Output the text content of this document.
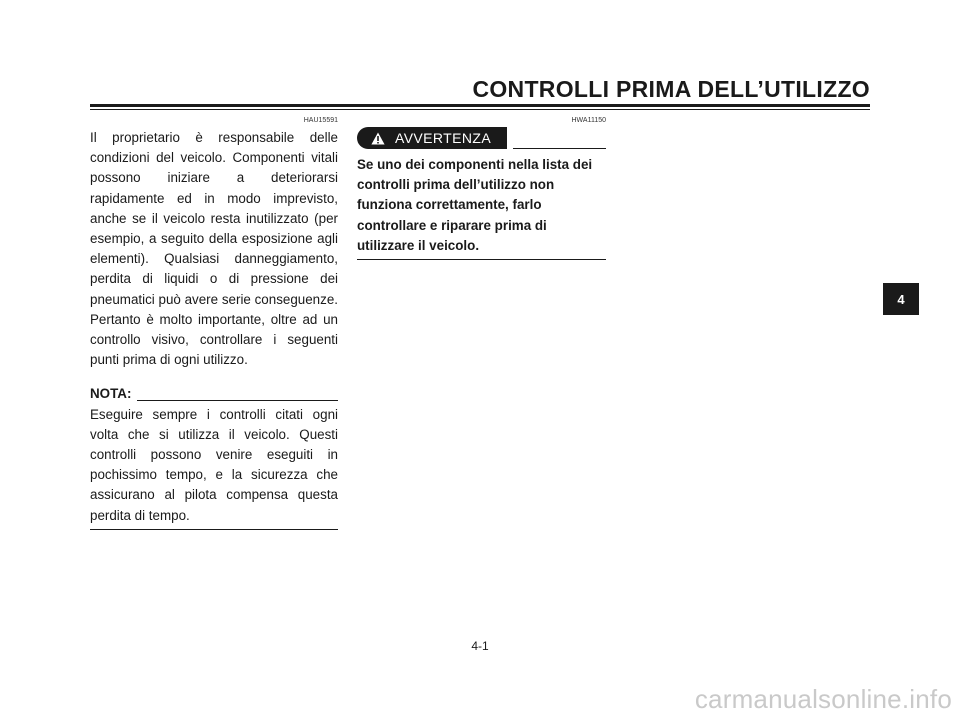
CONTROLLI PRIMA DELL’UTILIZZO
HAU15591	HWA11150

Il proprietario è responsabile delle condizioni del veicolo. Componenti vitali possono iniziare a deteriorarsi rapidamente ed in modo imprevisto, anche se il veicolo resta inutilizzato (per esempio, a seguito della esposizione agli elementi). Qualsiasi danneggiamento, perdita di liquidi o di pressione dei pneumatici può avere serie conseguenze. Pertanto è molto importante, oltre ad un controllo visivo, controllare i seguenti punti prima di ogni utilizzo.

NOTA:

Eseguire sempre i controlli citati ogni volta che si utilizza il veicolo. Questi controlli possono venire eseguiti in pochissimo tempo, e la sicurezza che assicurano al pilota compensa questa perdita di tempo.

AVVERTENZA

Se uno dei componenti nella lista dei controlli prima dell’utilizzo non funziona correttamente, farlo controllare e riparare prima di utilizzare il veicolo.

4-1
4
carmanualsonline.info
